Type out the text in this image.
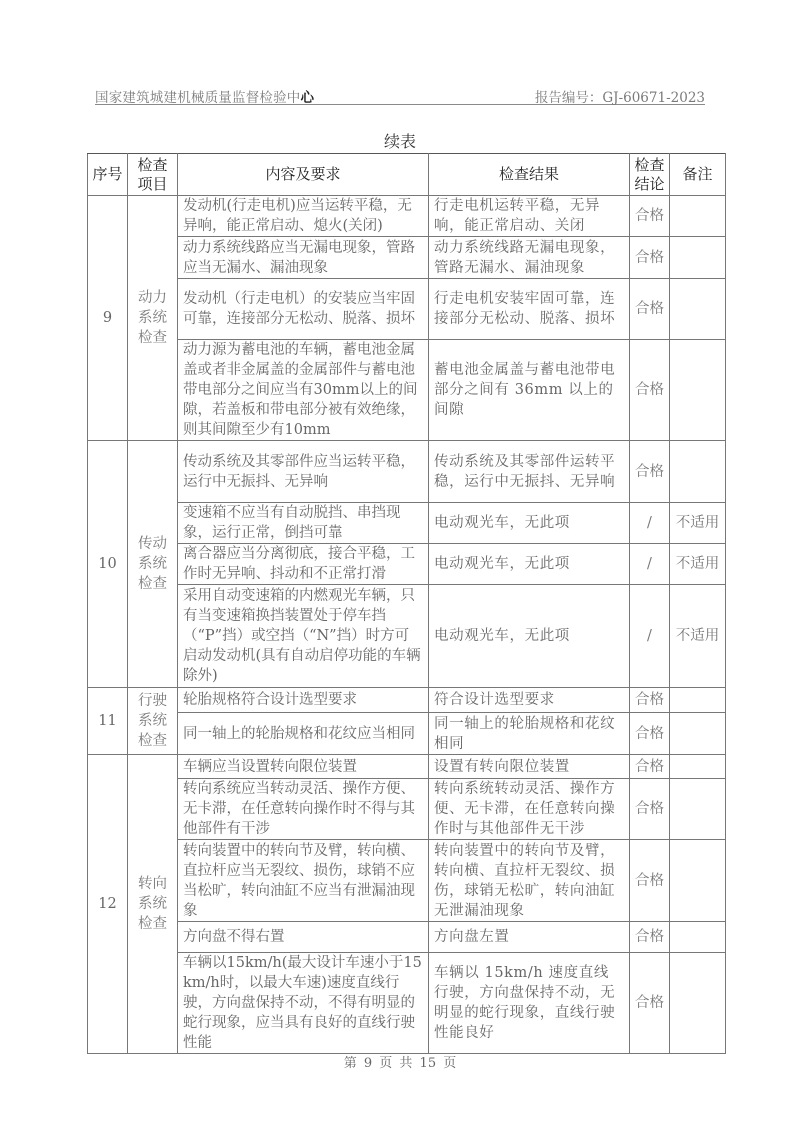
国家建筑城建机械质量监督检验中心	报告编号：GJ-60671-2023
续表
序号	检查项目	内容及要求	检查结果	检查结论	备注
9	动力系统检查	发动机(行走电机)应当运转平稳，无异响，能正常启动、熄火(关闭)	行走电机运转平稳，无异响，能正常启动、关闭	合格	
		动力系统线路应当无漏电现象，管路应当无漏水、漏油现象	动力系统线路无漏电现象，管路无漏水、漏油现象	合格	
		发动机（行走电机）的安装应当牢固可靠，连接部分无松动、脱落、损坏	行走电机安装牢固可靠，连接部分无松动、脱落、损坏	合格	
		动力源为蓄电池的车辆，蓄电池金属盖或者非金属盖的金属部件与蓄电池带电部分之间应当有30mm以上的间隙，若盖板和带电部分被有效绝缘，则其间隙至少有10mm	蓄电池金属盖与蓄电池带电部分之间有 36mm 以上的间隙	合格	
10	传动系统检查	传动系统及其零部件应当运转平稳，运行中无振抖、无异响	传动系统及其零部件运转平稳，运行中无振抖、无异响	合格	
		变速箱不应当有自动脱挡、串挡现象，运行正常，倒挡可靠	电动观光车，无此项	/	不适用
		离合器应当分离彻底，接合平稳，工作时无异响、抖动和不正常打滑	电动观光车，无此项	/	不适用
		采用自动变速箱的内燃观光车辆，只有当变速箱换挡装置处于停车挡（“P”挡）或空挡（“N”挡）时方可启动发动机(具有自动启停功能的车辆除外)	电动观光车，无此项	/	不适用
11	行驶系统检查	轮胎规格符合设计选型要求	符合设计选型要求	合格	
		同一轴上的轮胎规格和花纹应当相同	同一轴上的轮胎规格和花纹相同	合格	
12	转向系统检查	车辆应当设置转向限位装置	设置有转向限位装置	合格	
		转向系统应当转动灵活、操作方便、无卡滞，在任意转向操作时不得与其他部件有干涉	转向系统转动灵活、操作方便、无卡滞，在任意转向操作时与其他部件无干涉	合格	
		转向装置中的转向节及臂，转向横、直拉杆应当无裂纹、损伤，球销不应当松旷，转向油缸不应当有泄漏油现象	转向装置中的转向节及臂，转向横、直拉杆无裂纹、损伤，球销无松旷，转向油缸无泄漏油现象	合格	
		方向盘不得右置	方向盘左置	合格	
		车辆以15km/h(最大设计车速小于15km/h时，以最大车速)速度直线行驶，方向盘保持不动，不得有明显的蛇行现象，应当具有良好的直线行驶性能	车辆以 15km/h 速度直线行驶，方向盘保持不动，无明显的蛇行现象，直线行驶性能良好	合格	
第 9 页 共 15 页
